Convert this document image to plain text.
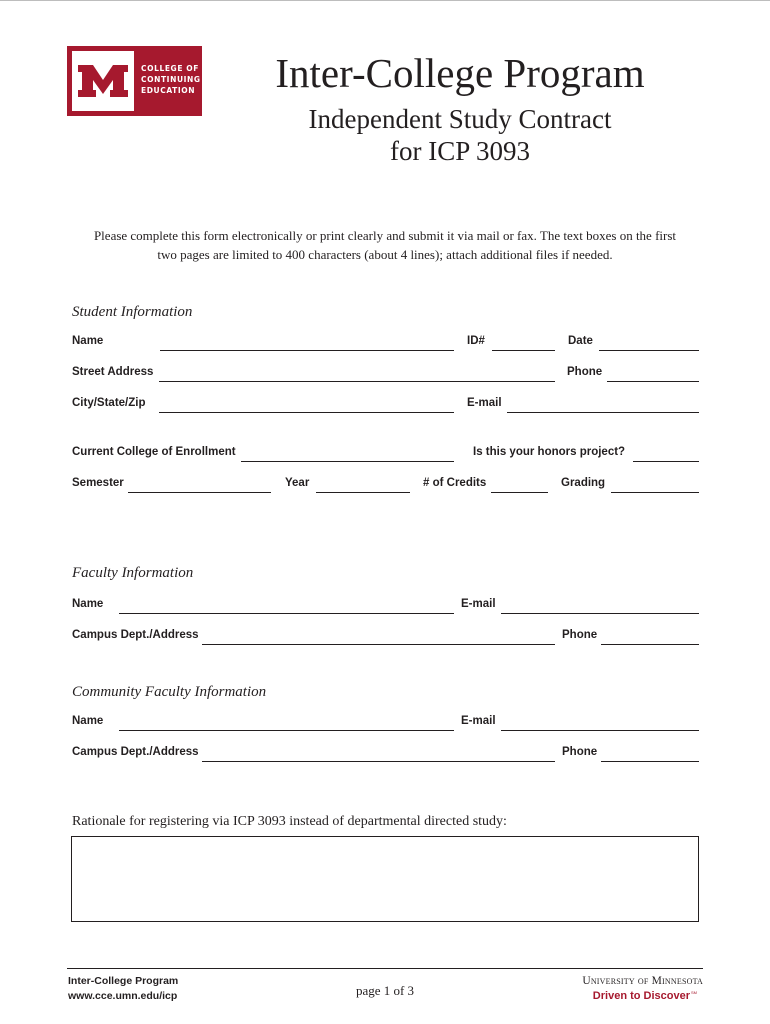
®
COLLEGE OF
CONTINUING
EDUCATION	Inter-College Program
Independent Study Contract
for ICP 3093
Please complete this form electronically or print clearly and submit it via mail or fax. The text boxes on the first
two pages are limited to 400 characters (about 4 lines); attach additional files if needed.
Student Information
Name	ID#	Date
Street Address	Phone
City/State/Zip	E-mail
Current College of Enrollment	Is this your honors project?
Semester	Year	# of Credits	Grading
Faculty Information
Name	E-mail
Campus Dept./Address	Phone
Community Faculty Information
Name	E-mail
Campus Dept./Address	Phone
Rationale for registering via ICP 3093 instead of departmental directed study:
Inter-College Program
www.cce.umn.edu/icp	page 1 of 3
University of Minnesota
Driven to Discover SM
